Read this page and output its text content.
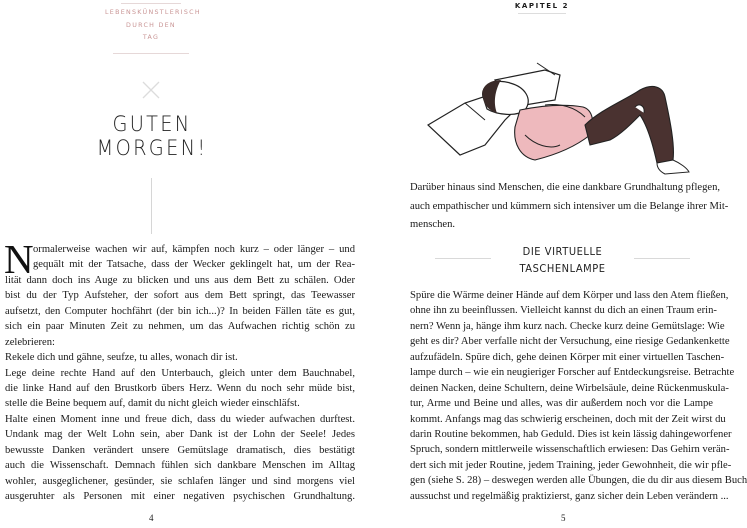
LEBENSKÜNSTLERISCH
DURCH DEN
TAG
GUTEN
MORGEN!
N ormalerweise wachen wir auf, kämpfen noch kurz – oder länger – und
gequält mit der Tatsache, dass der Wecker geklingelt hat, um der Rea-
lität dann doch ins Auge zu blicken und uns aus dem Bett zu schälen. Oder
bist du der Typ Aufsteher, der sofort aus dem Bett springt, das Teewasser
aufsetzt, den Computer hochfährt (der bin ich...)? In beiden Fällen täte es gut,
sich ein paar Minuten Zeit zu nehmen, um das Aufwachen richtig schön zu
zelebrieren:
Rekele dich und gähne, seufze, tu alles, wonach dir ist.
Lege deine rechte Hand auf den Unterbauch, gleich unter dem Bauchnabel,
die linke Hand auf den Brustkorb übers Herz. Wenn du noch sehr müde bist,
stelle die Beine bequem auf, damit du nicht gleich wieder einschläfst.
Halte einen Moment inne und freue dich, dass du wieder aufwachen durftest.
Undank mag der Welt Lohn sein, aber Dank ist der Lohn der Seele! Jedes
bewusste Danken verändert unsere Gemütslage dramatisch, dies bestätigt
auch die Wissenschaft. Demnach fühlen sich dankbare Menschen im Alltag
wohler, ausgeglichener, gesünder, sie schlafen länger und sind morgens viel
ausgeruhter als Personen mit einer negativen psychischen Grundhaltung.
4
KAPITEL 2
Darüber hinaus sind Menschen, die eine dankbare Grundhaltung pflegen,
auch empathischer und kümmern sich intensiver um die Belange ihrer Mit-
menschen.
DIE VIRTUELLE
TASCHENLAMPE
Spüre die Wärme deiner Hände auf dem Körper und lass den Atem fließen,
ohne ihn zu beeinflussen. Vielleicht kannst du dich an einen Traum erin-
nern? Wenn ja, hänge ihm kurz nach. Checke kurz deine Gemütslage: Wie
geht es dir? Aber verfalle nicht der Versuchung, eine riesige Gedankenkette
aufzufädeln. Spüre dich, gehe deinen Körper mit einer virtuellen Taschen-
lampe durch – wie ein neugieriger Forscher auf Entdeckungsreise. Betrachte
deinen Nacken, deine Schultern, deine Wirbelsäule, deine Rückenmuskula-
tur, Arme und Beine und alles, was dir außerdem noch vor die Lampe
kommt. Anfangs mag das schwierig erscheinen, doch mit der Zeit wirst du
darin Routine bekommen, hab Geduld. Dies ist kein lässig dahingeworfener
Spruch, sondern mittlerweile wissenschaftlich erwiesen: Das Gehirn verän-
dert sich mit jeder Routine, jedem Training, jeder Gewohnheit, die wir pfle-
gen (siehe S. 28) – deswegen werden alle Übungen, die du dir aus diesem Buch
aussuchst und regelmäßig praktizierst, ganz sicher dein Leben verändern ...
5
